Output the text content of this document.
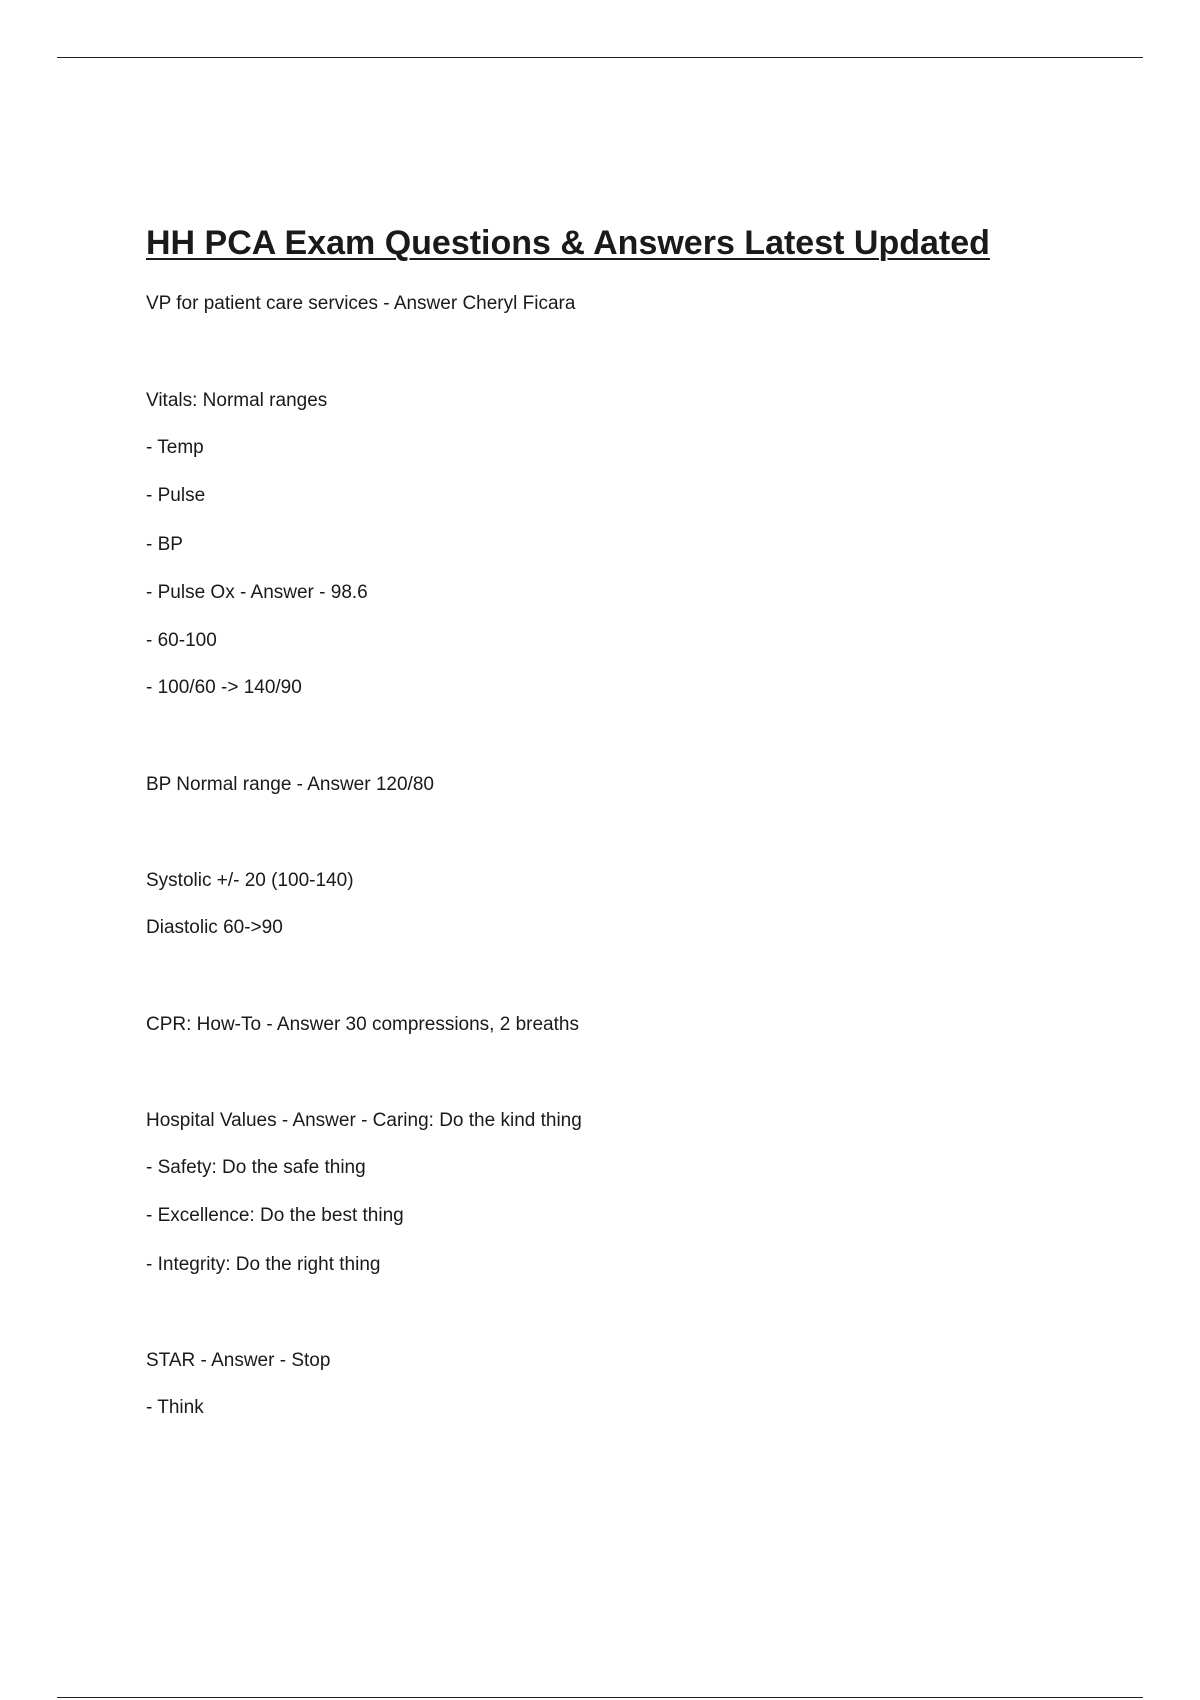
HH PCA Exam Questions & Answers Latest Updated
VP for patient care services - Answer Cheryl Ficara
Vitals: Normal ranges
- Temp
- Pulse
- BP
- Pulse Ox - Answer - 98.6
- 60-100
- 100/60 -> 140/90
BP Normal range - Answer 120/80
Systolic +/- 20 (100-140)
Diastolic 60->90
CPR: How-To - Answer 30 compressions, 2 breaths
Hospital Values - Answer - Caring: Do the kind thing
- Safety: Do the safe thing
- Excellence: Do the best thing
- Integrity: Do the right thing
STAR - Answer - Stop
- Think
